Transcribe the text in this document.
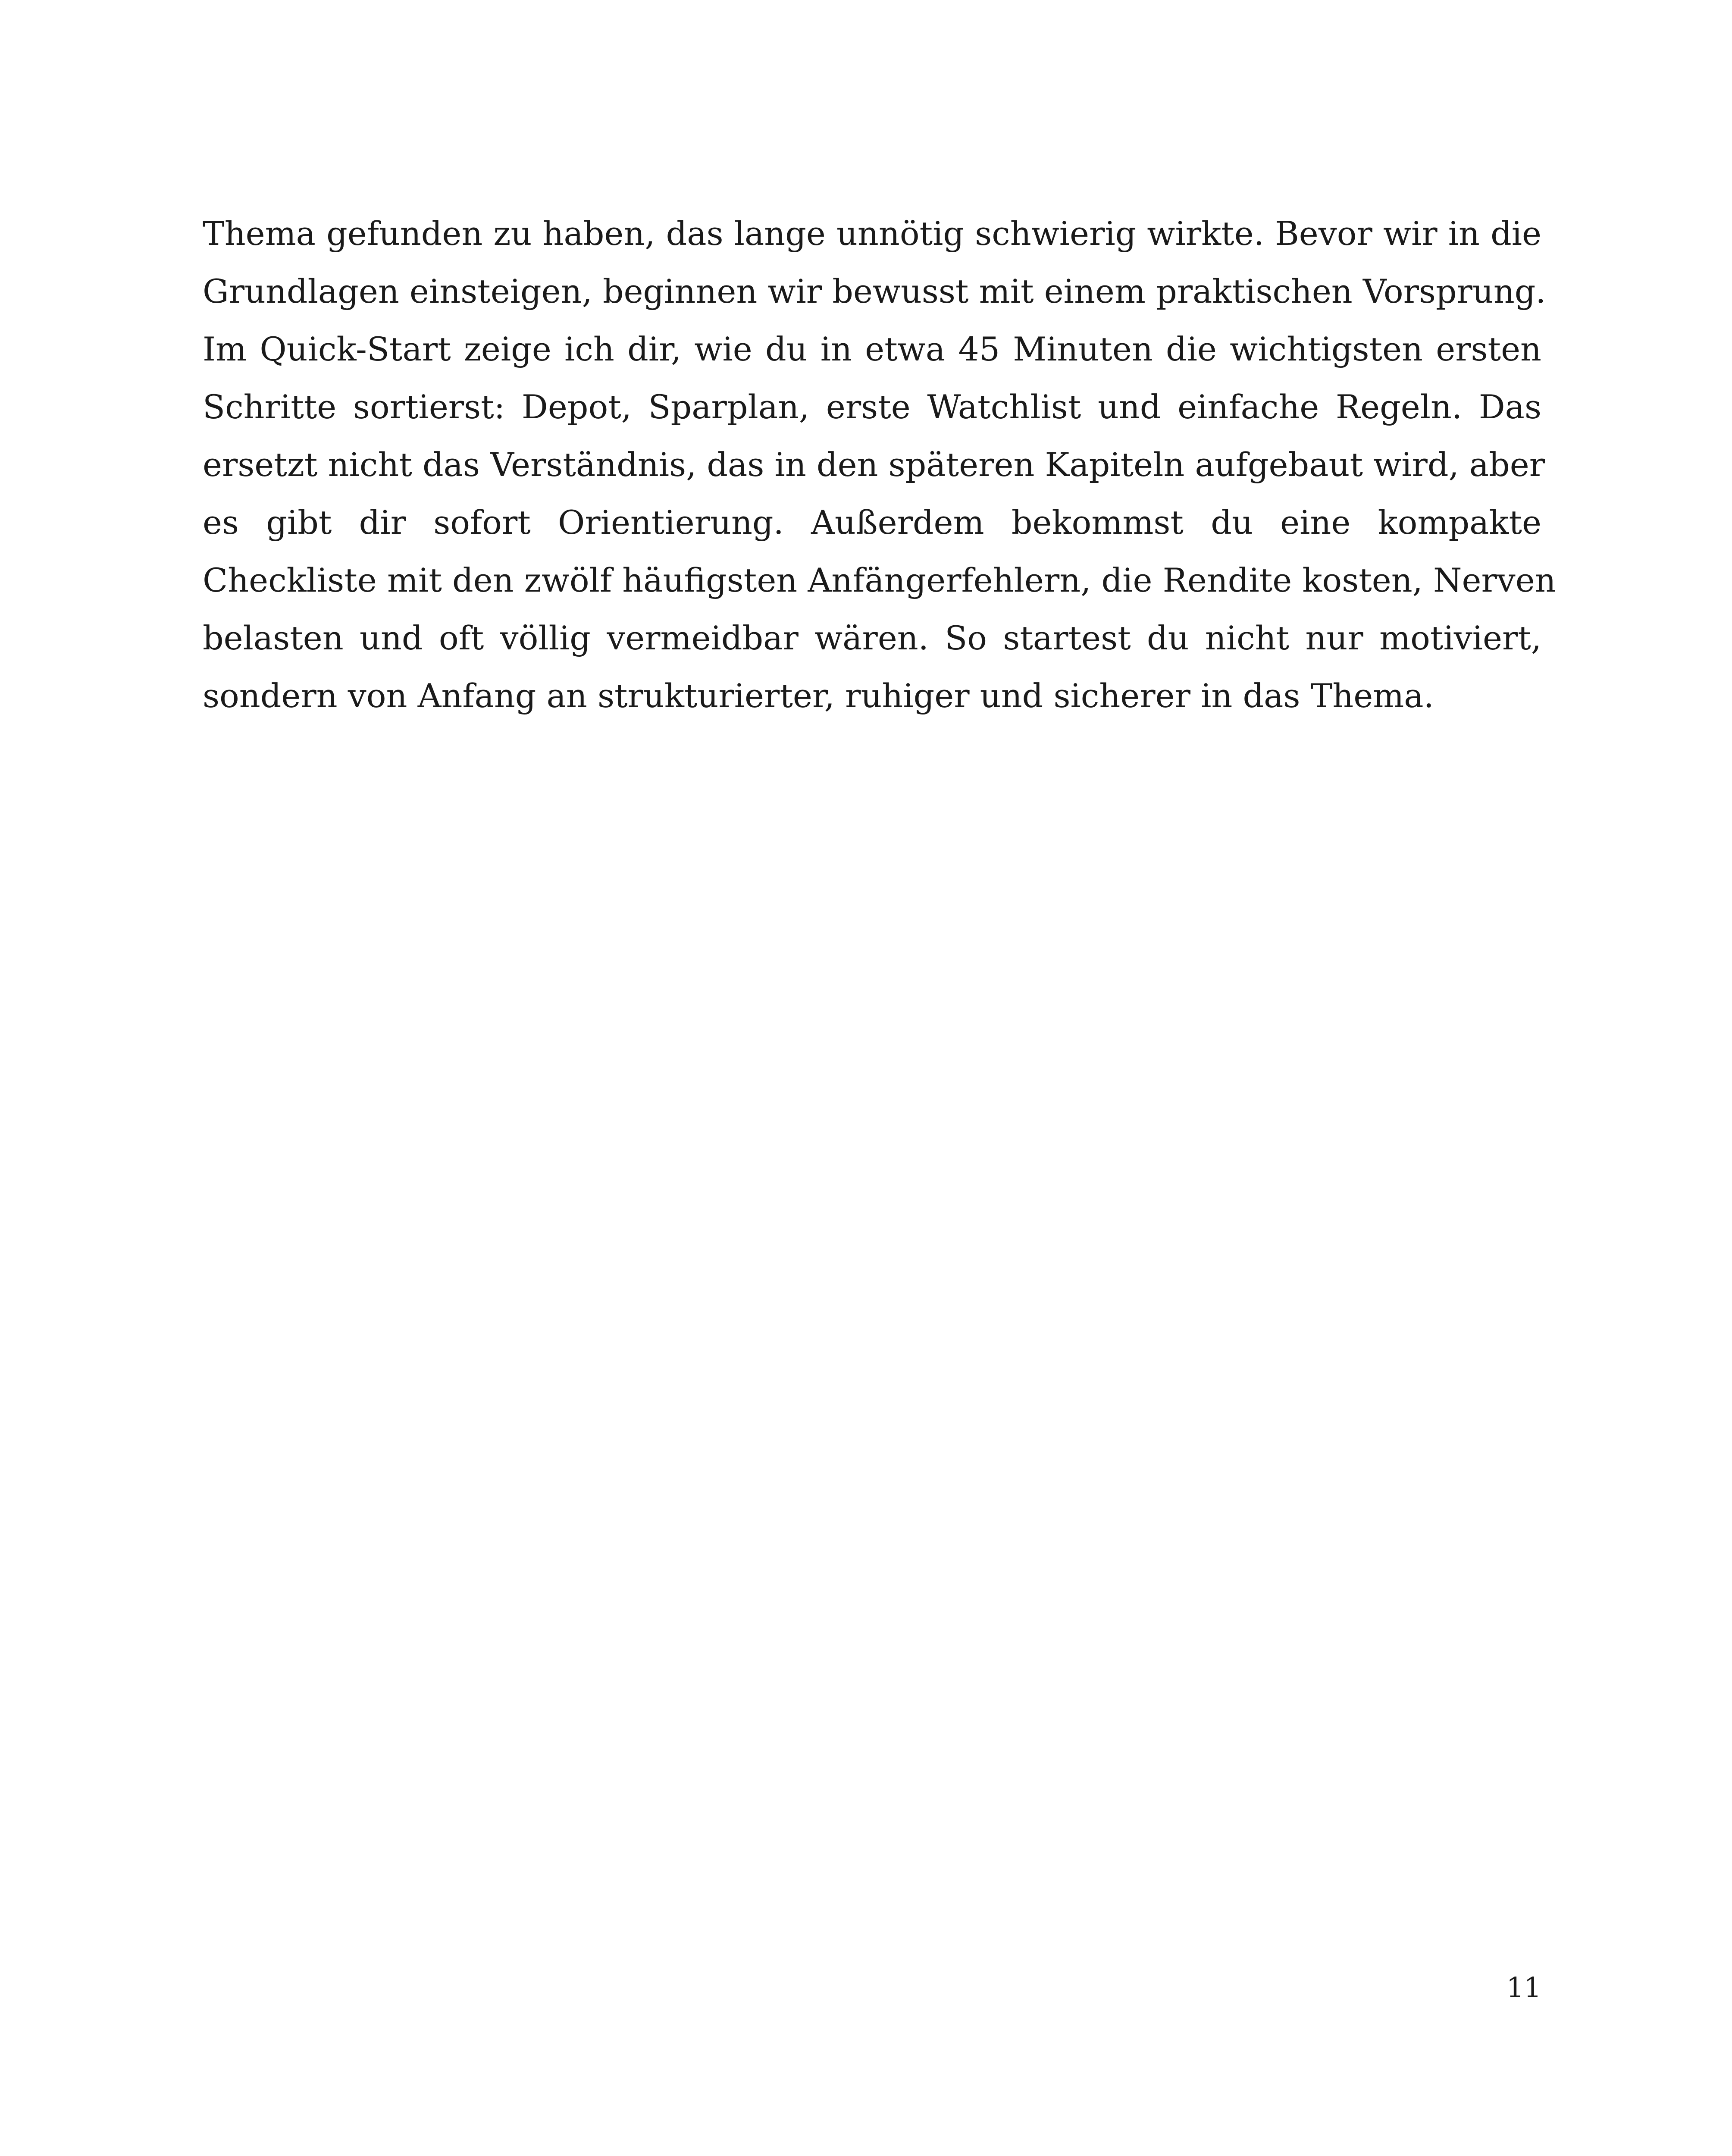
Thema gefunden zu haben, das lange unnötig schwierig wirkte. Bevor wir in die
Grundlagen einsteigen, beginnen wir bewusst mit einem praktischen Vorsprung.
Im Quick-Start zeige ich dir, wie du in etwa 45 Minuten die wichtigsten ersten
Schritte sortierst: Depot, Sparplan, erste Watchlist und einfache Regeln. Das
ersetzt nicht das Verständnis, das in den späteren Kapiteln aufgebaut wird, aber
es gibt dir sofort Orientierung. Außerdem bekommst du eine kompakte
Checkliste mit den zwölf häufigsten Anfängerfehlern, die Rendite kosten, Nerven
belasten und oft völlig vermeidbar wären. So startest du nicht nur motiviert,
sondern von Anfang an strukturierter, ruhiger und sicherer in das Thema.

11
